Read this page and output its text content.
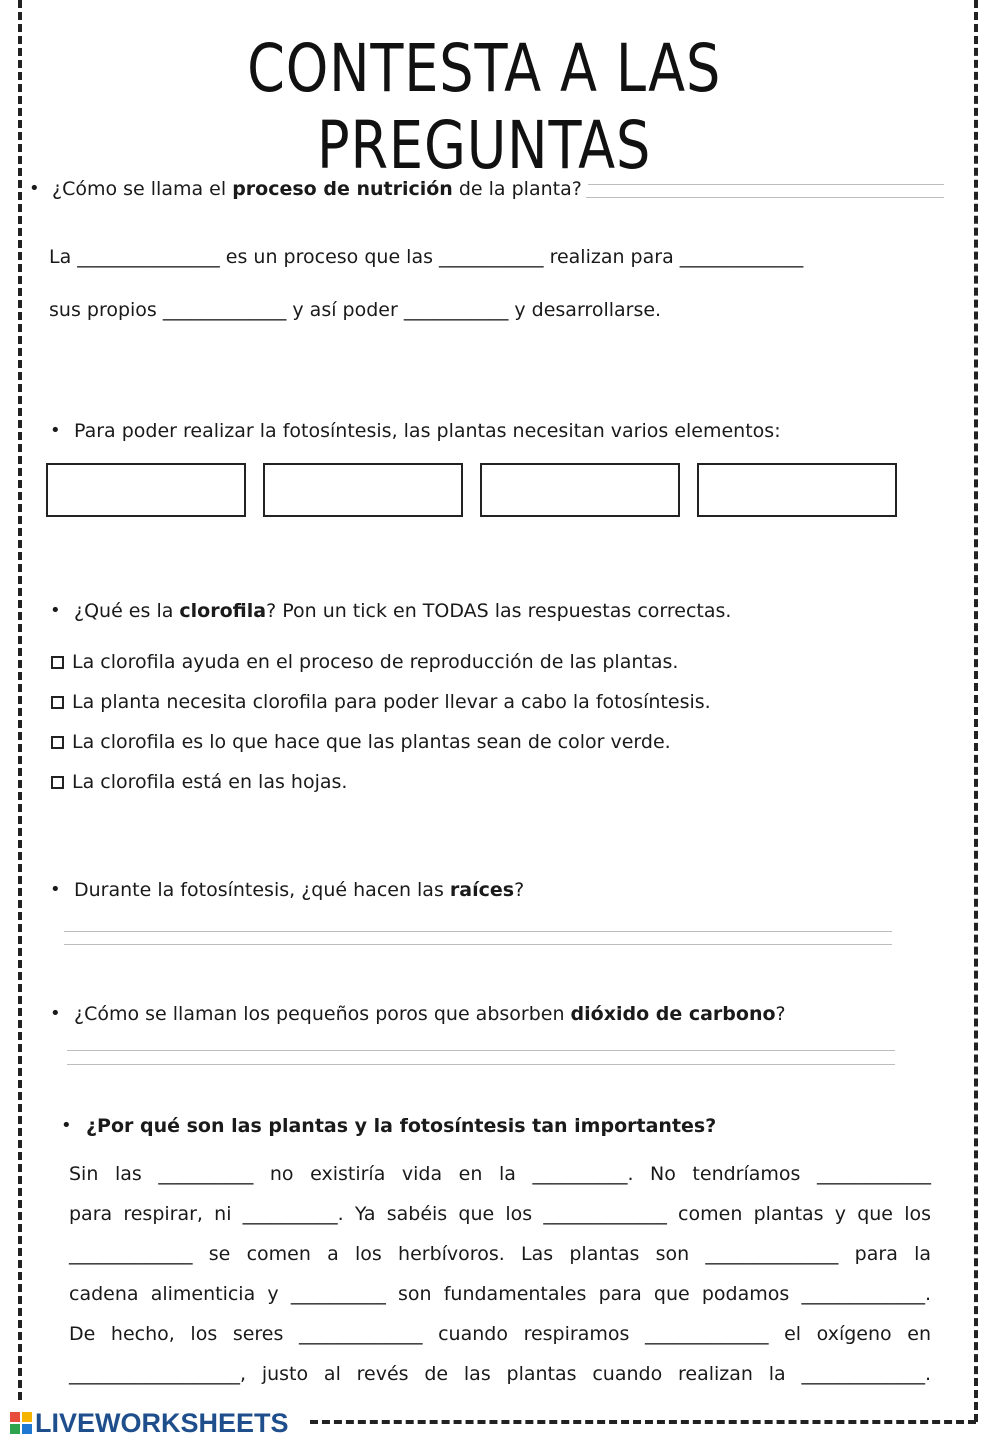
CONTESTA A LAS PREGUNTAS
• ¿Cómo se llama el proceso de nutrición de la planta?
La _______________ es un proceso que las ___________ realizan para _____________
sus propios _____________ y así poder ___________ y desarrollarse.
• Para poder realizar la fotosíntesis, las plantas necesitan varios elementos:
• ¿Qué es la clorofila? Pon un tick en TODAS las respuestas correctas.
La clorofila ayuda en el proceso de reproducción de las plantas.
La planta necesita clorofila para poder llevar a cabo la fotosíntesis.
La clorofila es lo que hace que las plantas sean de color verde.
La clorofila está en las hojas.
• Durante la fotosíntesis, ¿qué hacen las raíces?
• ¿Cómo se llaman los pequeños poros que absorben dióxido de carbono?
• ¿Por qué son las plantas y la fotosíntesis tan importantes?
Sin las __________ no existiría vida en la __________. No tendríamos ____________
para respirar, ni __________. Ya sabéis que los _____________ comen plantas y que los
_____________ se comen a los herbívoros. Las plantas son ______________ para la
cadena alimenticia y __________ son fundamentales para que podamos _____________.
De hecho, los seres _____________ cuando respiramos _____________ el oxígeno en
__________________, justo al revés de las plantas cuando realizan la _____________.
LIVEWORKSHEETS
